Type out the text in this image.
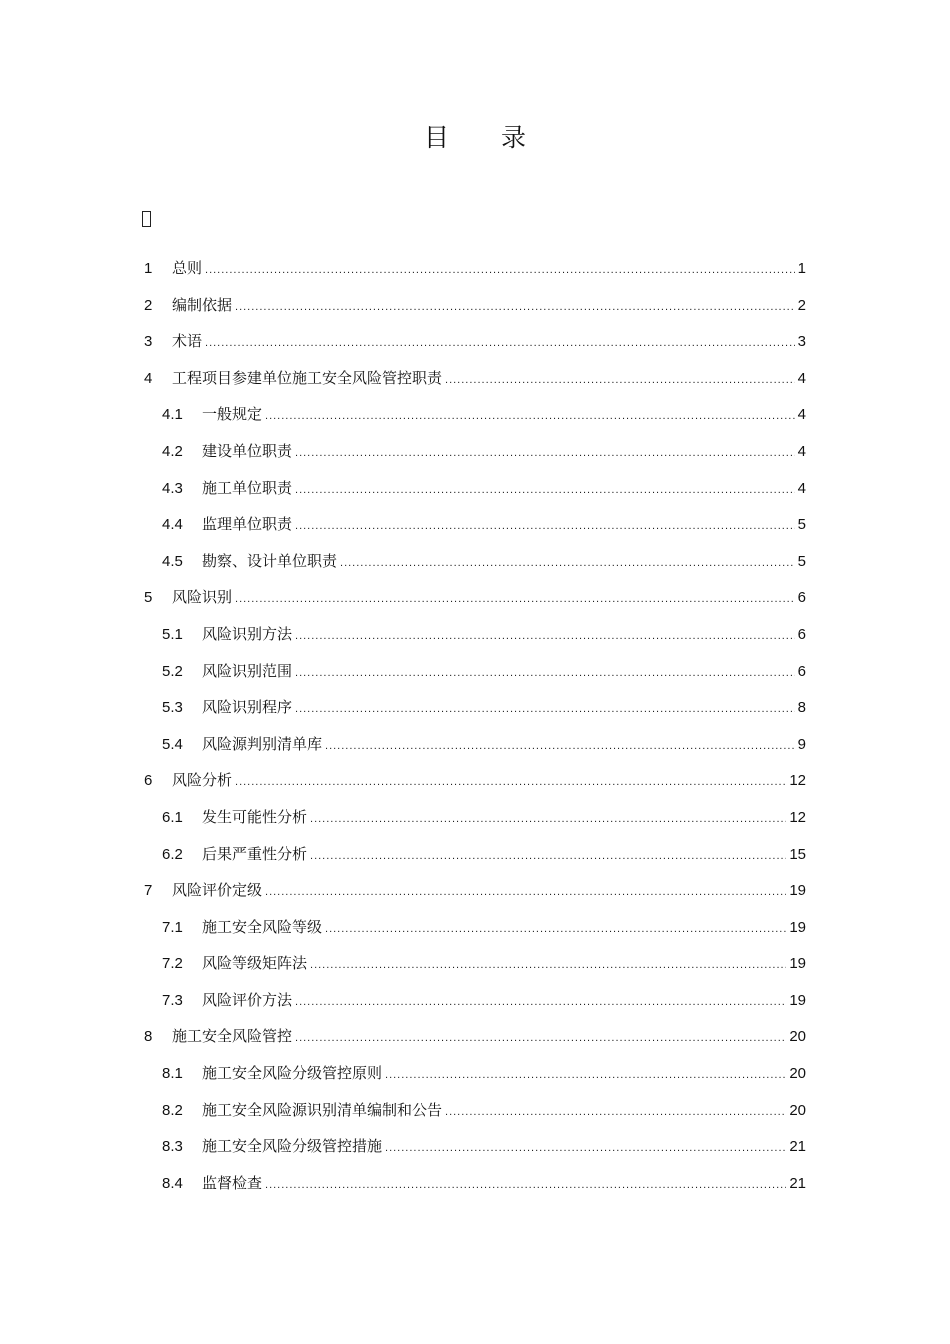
目 录
1	总则 .....	1
2	编制依据 .....	2
3	术语 .....	3
4	工程项目参建单位施工安全风险管控职责 .....	4
4.1	一般规定 .....	4
4.2	建设单位职责 .....	4
4.3	施工单位职责 .....	4
4.4	监理单位职责 .....	5
4.5	勘察、设计单位职责 .....	5
5	风险识别 .....	6
5.1	风险识别方法 .....	6
5.2	风险识别范围 .....	6
5.3	风险识别程序 .....	8
5.4	风险源判别清单库 .....	9
6	风险分析 .....	12
6.1	发生可能性分析 .....	12
6.2	后果严重性分析 .....	15
7	风险评价定级 .....	19
7.1	施工安全风险等级 .....	19
7.2	风险等级矩阵法 .....	19
7.3	风险评价方法 .....	19
8	施工安全风险管控 .....	20
8.1	施工安全风险分级管控原则 .....	20
8.2	施工安全风险源识别清单编制和公告 .....	20
8.3	施工安全风险分级管控措施 .....	21
8.4	监督检查 .....	21
